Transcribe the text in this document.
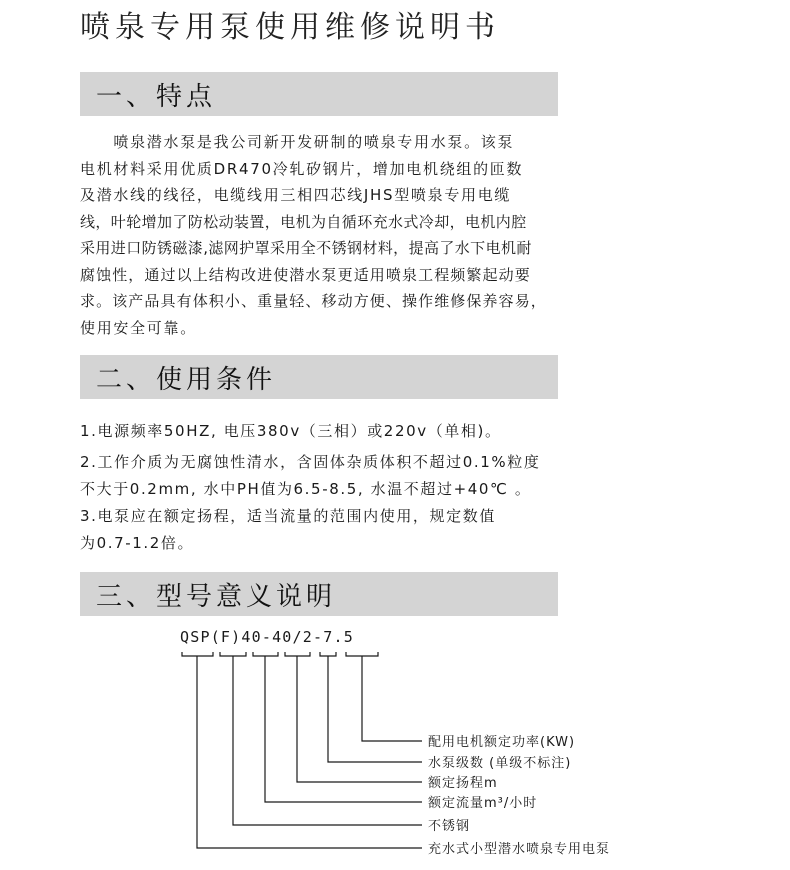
喷泉专用泵使用维修说明书
一、特点
　　喷泉潜水泵是我公司新开发研制的喷泉专用水泵。该泵
电机材料采用优质DR470冷轧矽钢片，增加电机绕组的匝数
及潜水线的线径，电缆线用三相四芯线JHS型喷泉专用电缆
线，叶轮增加了防松动装置，电机为自循环充水式冷却，电机内腔
采用进口防锈磁漆,滤网护罩采用全不锈钢材料，提高了水下电机耐
腐蚀性，通过以上结构改进使潜水泵更适用喷泉工程频繁起动要
求。该产品具有体积小、重量轻、移动方便、操作维修保养容易，
使用安全可靠。
二、使用条件
1.电源频率50HZ, 电压380v（三相）或220v（单相)。
2.工作介质为无腐蚀性清水，含固体杂质体积不超过0.1%粒度
不大于0.2mm, 水中PH值为6.5-8.5, 水温不超过+40℃ 。
3.电泵应在额定扬程，适当流量的范围内使用，规定数值
为0.7-1.2倍。
三、型号意义说明
QSP(F)40-40/2-7.5
配用电机额定功率(KW)
水泵级数 (单级不标注)
额定扬程m
额定流量m³/小时
不锈钢
充水式小型潜水喷泉专用电泵
